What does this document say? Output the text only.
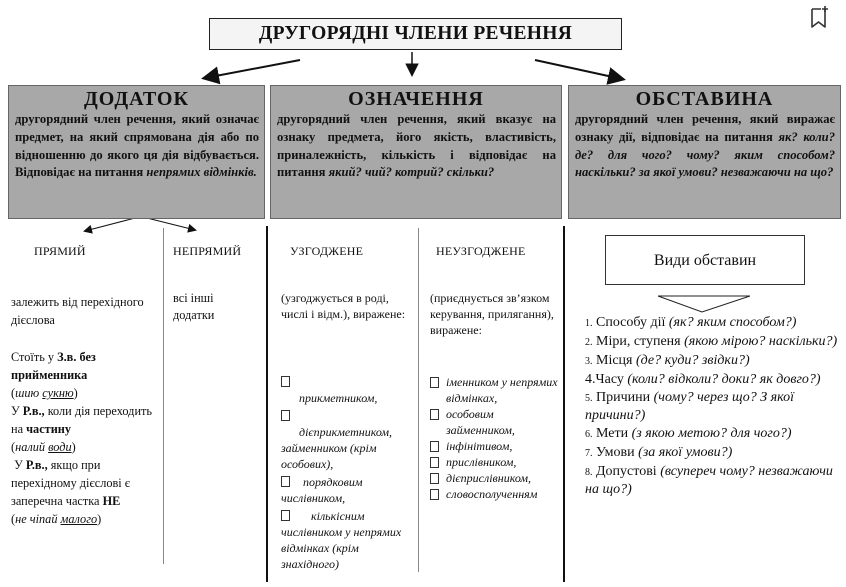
ДРУГОРЯДНІ ЧЛЕНИ РЕЧЕННЯ
ДОДАТОК
другорядний член речення, який означає предмет, на який спрямована дія або по відношенню до якого ця дія відбувається. Відповідає на питання непрямих відмінків.
ОЗНАЧЕННЯ
другорядний член речення, який вказує на ознаку предмета, його якість, властивість, приналежність, кількість і відповідає на питання який? чий? котрий? скільки?
ОБСТАВИНА
другорядний член речення, який виражає ознаку дії, відповідає на питання як? коли? де? для чого? чому? яким способом? наскільки? за якої умови? незважаючи на що?
ПРЯМИЙ
залежить від перехідного дієслова
Стоїть у З.в. без прийменника
(шию сукню)
У Р.в., коли дія переходить на частину
(налий води)
У Р.в., якщо при перехідному дієслові є заперечна частка НЕ
(не чіпай малого)
НЕПРЯМИЙ
всі інші додатки
УЗГОДЖЕНЕ
(узгоджується в роді, числі і відм.), виражене:

прикметником,

дієприкметником, займенником (крім особових),
порядковим числівником,
кількісним числівником у непрямих відмінках (крім знахідного)
НЕУЗГОДЖЕНЕ
(приєднується зв’язком керування, прилягання), виражене:
іменником у непрямих відмінках,
особовим займенником,
інфінітивом,
прислівником,
дієприслівником,
словосполученням
Види обставин
1. Способу дії (як? яким способом?)
2. Міри, ступеня (якою мірою? наскільки?)
3. Місця (де? куди? звідки?)
4.Часу (коли? відколи? доки? як довго?)
5. Причини (чому? через що? З якої причини?)
6. Мети (з якою метою? для чого?)
7. Умови (за якої умови?)
8. Допустові (всупереч чому? незважаючи на що?)
